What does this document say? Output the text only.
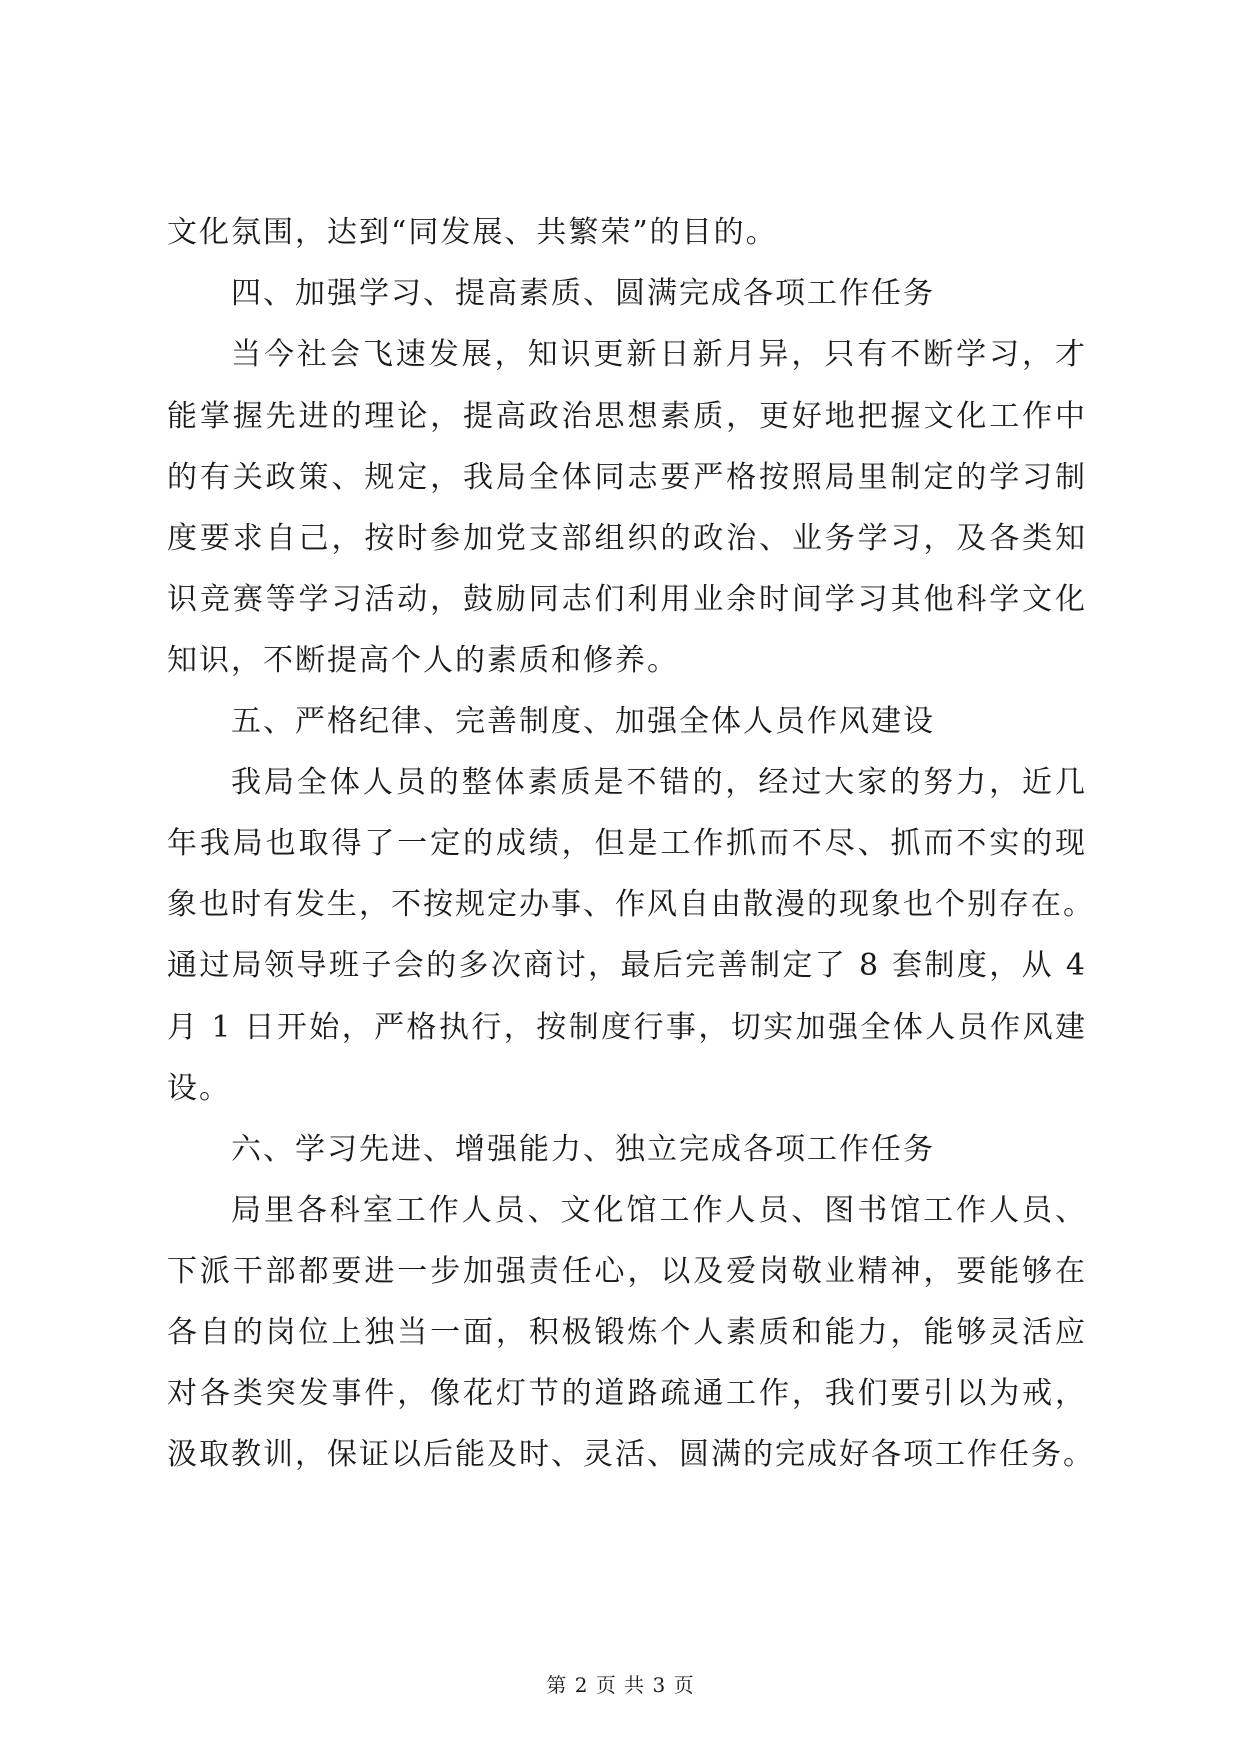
文化氛围，达到“同发展、共繁荣”的目的。
四、加强学习、提高素质、圆满完成各项工作任务
当今社会飞速发展，知识更新日新月异，只有不断学习，才
能掌握先进的理论，提高政治思想素质，更好地把握文化工作中
的有关政策、规定，我局全体同志要严格按照局里制定的学习制
度要求自己，按时参加党支部组织的政治、业务学习，及各类知
识竞赛等学习活动，鼓励同志们利用业余时间学习其他科学文化
知识，不断提高个人的素质和修养。
五、严格纪律、完善制度、加强全体人员作风建设
我局全体人员的整体素质是不错的，经过大家的努力，近几
年我局也取得了一定的成绩，但是工作抓而不尽、抓而不实的现
象也时有发生，不按规定办事、作风自由散漫的现象也个别存在。
通过局领导班子会的多次商讨，最后完善制定了 8 套制度，从 4
月 1 日开始，严格执行，按制度行事，切实加强全体人员作风建
设。
六、学习先进、增强能力、独立完成各项工作任务
局里各科室工作人员、文化馆工作人员、图书馆工作人员、
下派干部都要进一步加强责任心，以及爱岗敬业精神，要能够在
各自的岗位上独当一面，积极锻炼个人素质和能力，能够灵活应
对各类突发事件，像花灯节的道路疏通工作，我们要引以为戒，
汲取教训，保证以后能及时、灵活、圆满的完成好各项工作任务。
第 2 页 共 3 页
